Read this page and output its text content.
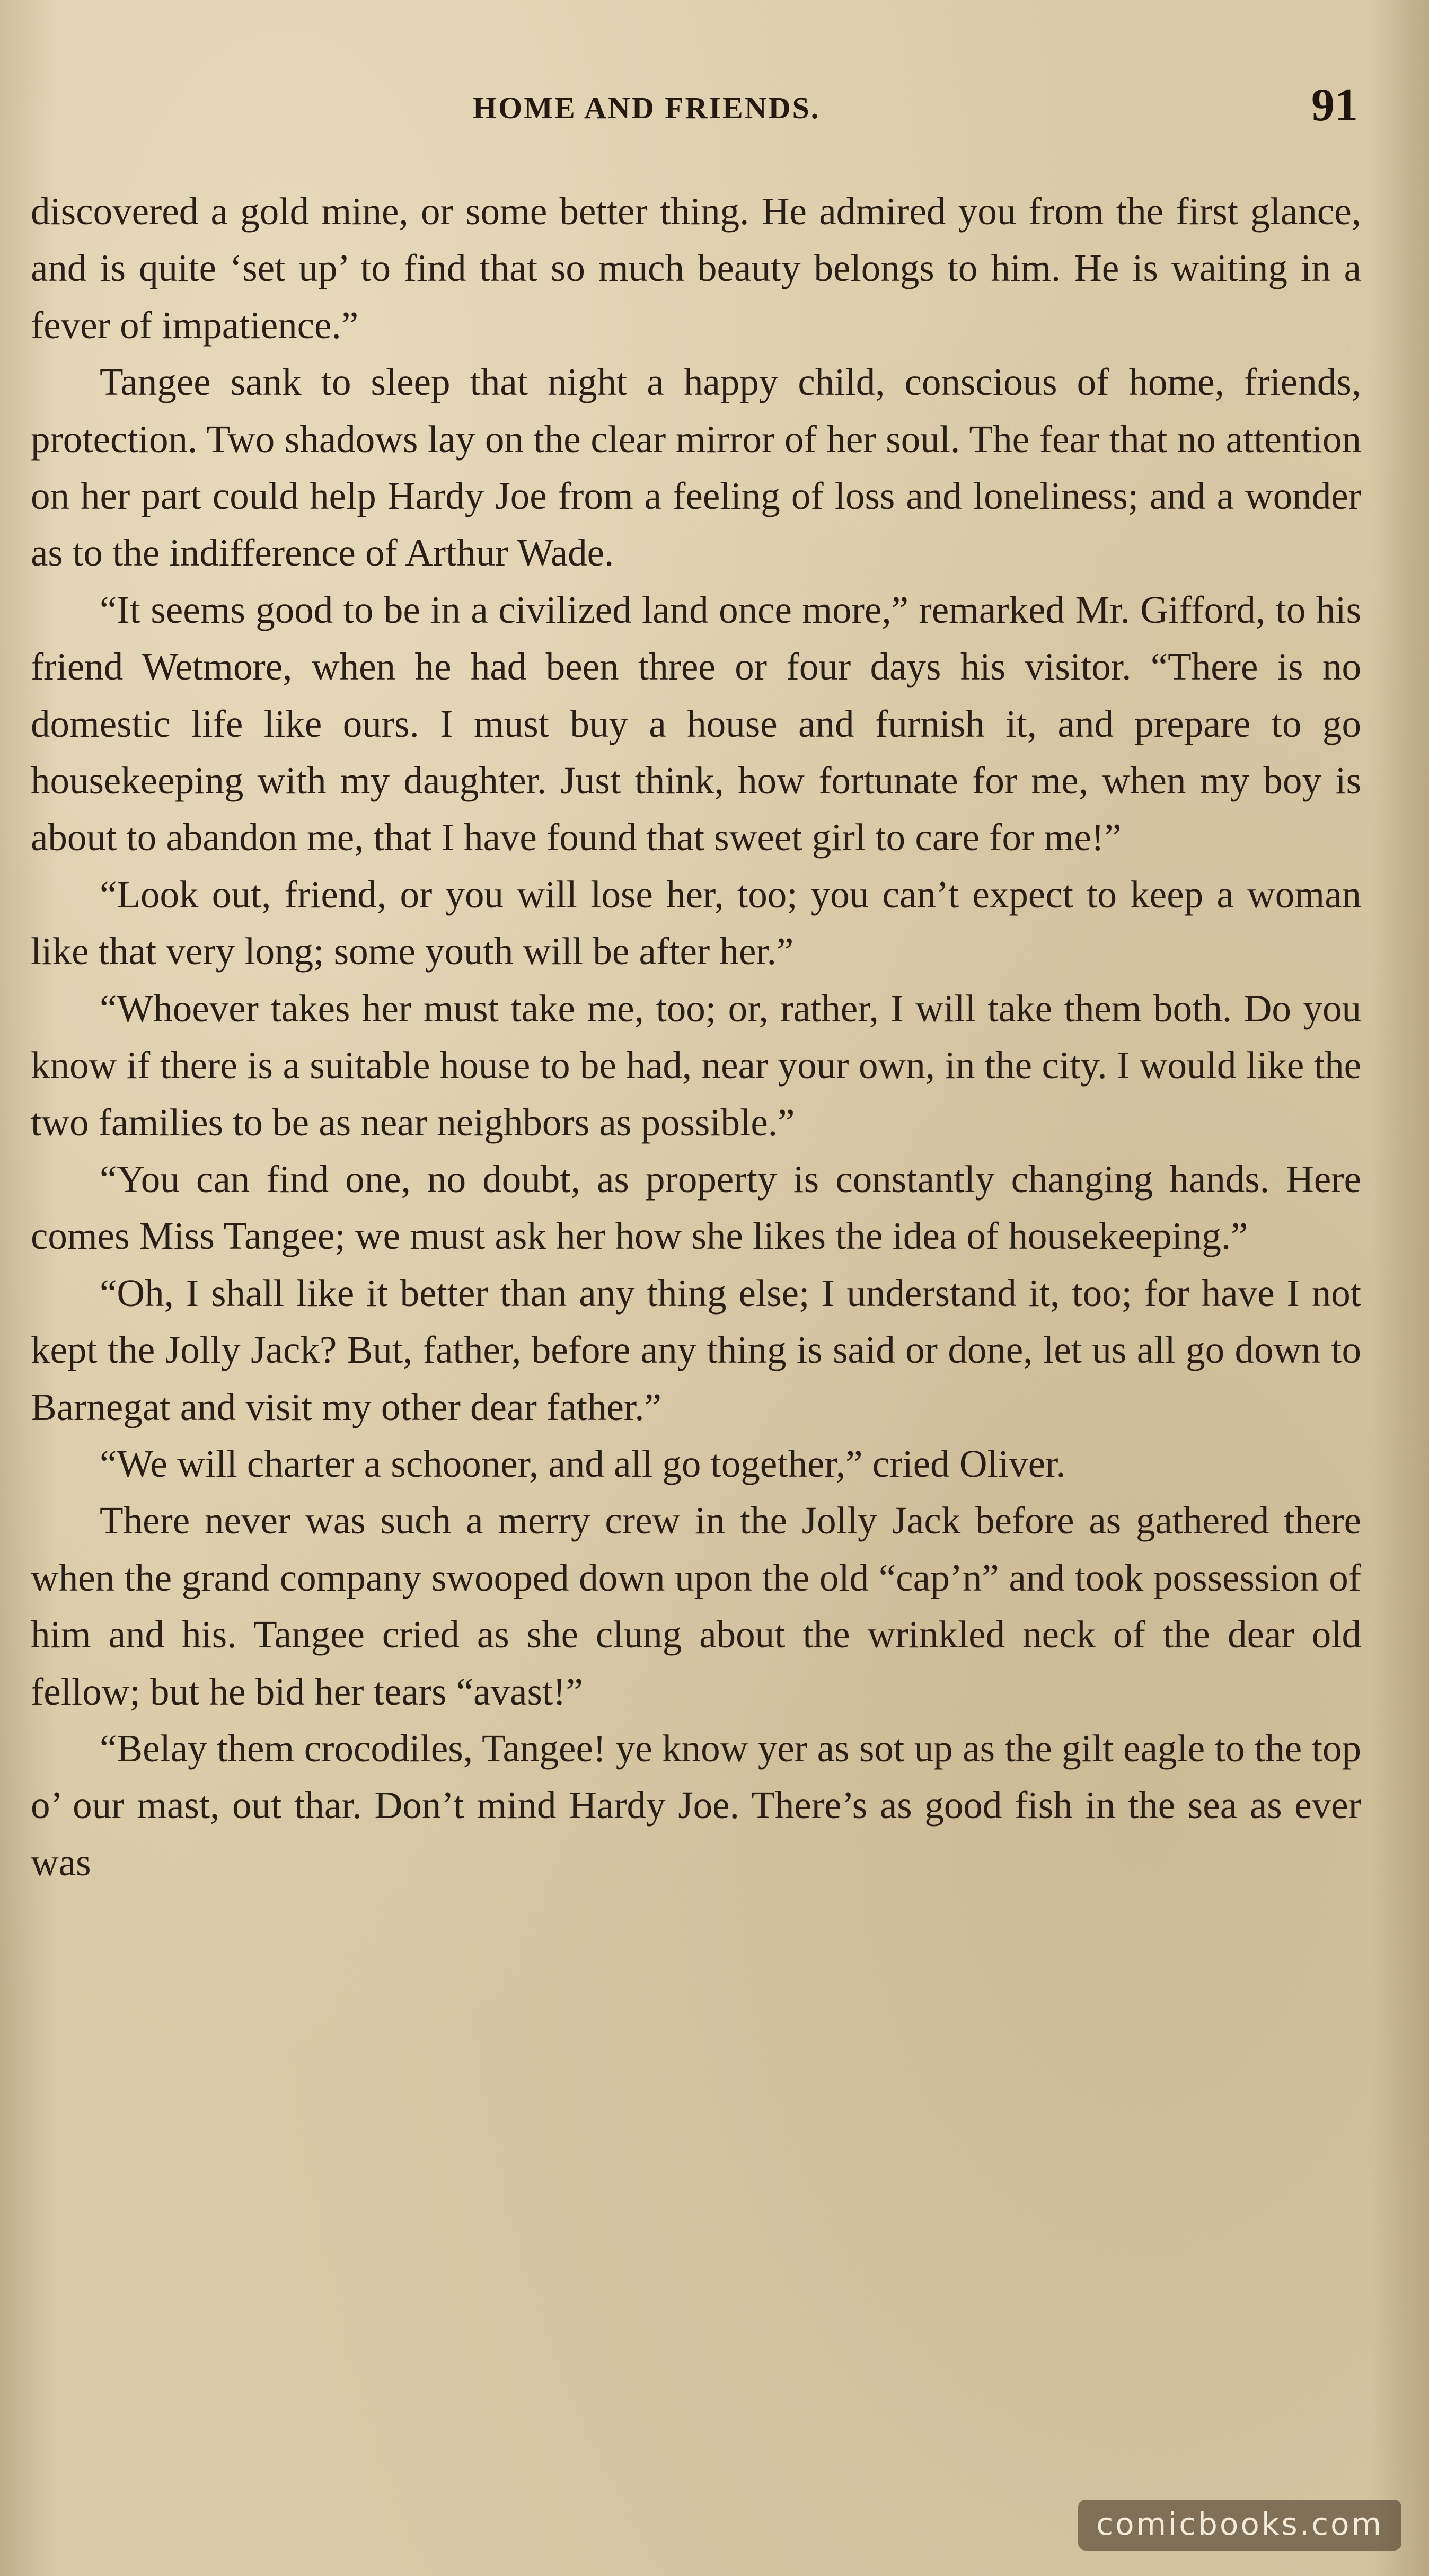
HOME AND FRIENDS.	91

discovered a gold mine, or some better thing. He admired you from the first glance, and is quite ‘set up’ to find that so much beauty belongs to him. He is waiting in a fever of impatience.”

Tangee sank to sleep that night a happy child, conscious of home, friends, protection. Two shadows lay on the clear mirror of her soul. The fear that no attention on her part could help Hardy Joe from a feeling of loss and loneliness; and a wonder as to the indifference of Arthur Wade.

“It seems good to be in a civilized land once more,” remarked Mr. Gifford, to his friend Wetmore, when he had been three or four days his visitor. “There is no domestic life like ours. I must buy a house and furnish it, and prepare to go housekeeping with my daughter. Just think, how fortunate for me, when my boy is about to abandon me, that I have found that sweet girl to care for me!”

“Look out, friend, or you will lose her, too; you can’t expect to keep a woman like that very long; some youth will be after her.”

“Whoever takes her must take me, too; or, rather, I will take them both. Do you know if there is a suitable house to be had, near your own, in the city. I would like the two families to be as near neighbors as possible.”

“You can find one, no doubt, as property is constantly changing hands. Here comes Miss Tangee; we must ask her how she likes the idea of housekeeping.”

“Oh, I shall like it better than any thing else; I understand it, too; for have I not kept the Jolly Jack? But, father, before any thing is said or done, let us all go down to Barnegat and visit my other dear father.”

“We will charter a schooner, and all go together,” cried Oliver.

There never was such a merry crew in the Jolly Jack before as gathered there when the grand company swooped down upon the old “cap’n” and took possession of him and his. Tangee cried as she clung about the wrinkled neck of the dear old fellow; but he bid her tears “avast!”

“Belay them crocodiles, Tangee! ye know yer as sot up as the gilt eagle to the top o’ our mast, out thar. Don’t mind Hardy Joe. There’s as good fish in the sea as ever was

comicbooks.com
